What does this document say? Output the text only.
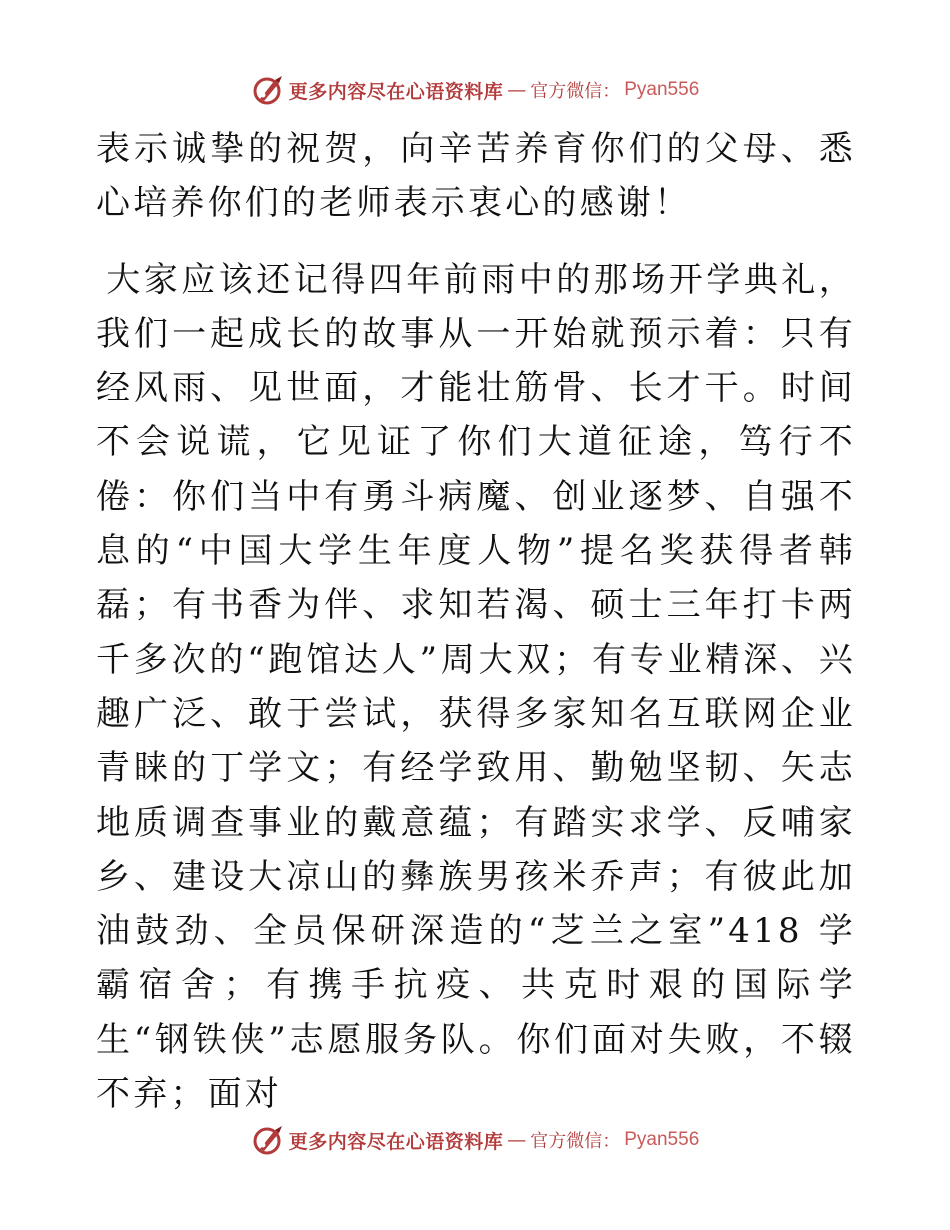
更多内容尽在心语资料库 — 官方微信： Pyan556

表示诚挚的祝贺，向辛苦养育你们的父母、悉心培养你们的老师表示衷心的感谢！

大家应该还记得四年前雨中的那场开学典礼，我们一起成长的故事从一开始就预示着：只有经风雨、见世面，才能壮筋骨、长才干。时间不会说谎，它见证了你们大道征途，笃行不倦：你们当中有勇斗病魔、创业逐梦、自强不息的“中国大学生年度人物”提名奖获得者韩磊；有书香为伴、求知若渴、硕士三年打卡两千多次的“跑馆达人”周大双；有专业精深、兴趣广泛、敢于尝试，获得多家知名互联网企业青睐的丁学文；有经学致用、勤勉坚韧、矢志地质调查事业的戴意蕴；有踏实求学、反哺家乡、建设大凉山的彝族男孩米乔声；有彼此加油鼓劲、全员保研深造的“芝兰之室”418 学霸宿舍；有携手抗疫、共克时艰的国际学生“钢铁侠”志愿服务队。你们面对失败，不辍不弃；面对

更多内容尽在心语资料库 — 官方微信： Pyan556
